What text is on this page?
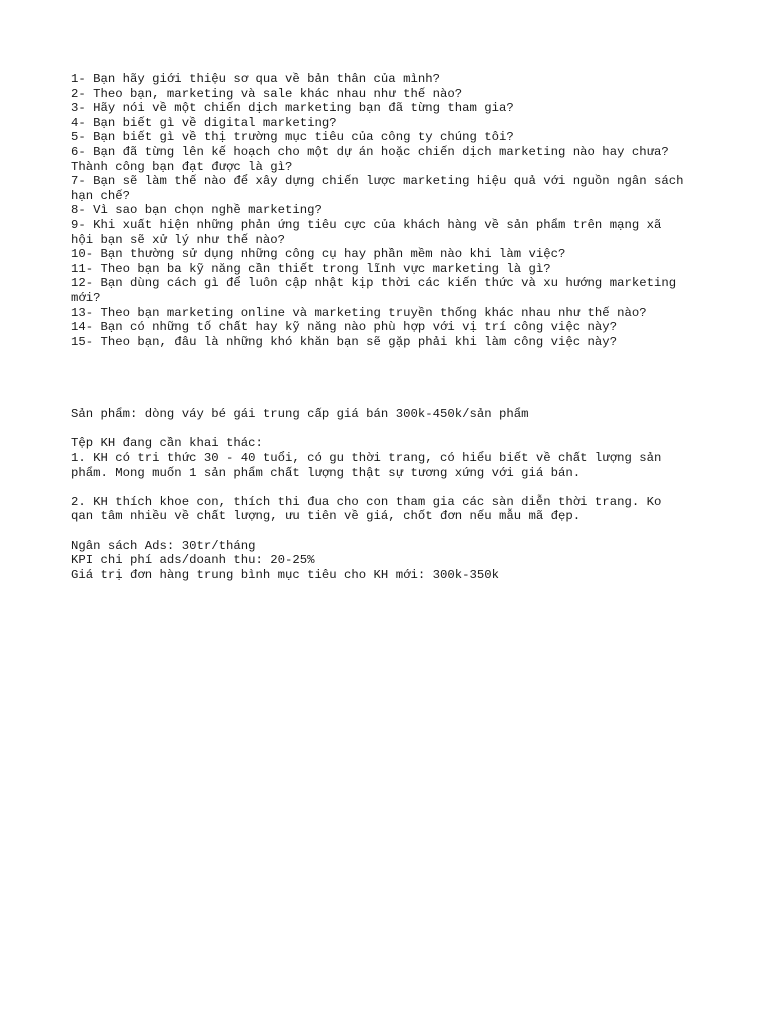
1- Bạn hãy giới thiệu sơ qua về bản thân của mình?

2- Theo bạn, marketing và sale khác nhau như thế nào?

3- Hãy nói về một chiến dịch marketing bạn đã từng tham gia?

4- Bạn biết gì về digital marketing?

5- Bạn biết gì về thị trường mục tiêu của công ty chúng tôi?

6- Bạn đã từng lên kế hoạch cho một dự án hoặc chiến dịch marketing nào hay chưa?

Thành công bạn đạt được là gì?

7- Bạn sẽ làm thế nào để xây dựng chiến lược marketing hiệu quả với nguồn ngân sách

hạn chế?

8- Vì sao bạn chọn nghề marketing?

9- Khi xuất hiện những phản ứng tiêu cực của khách hàng về sản phẩm trên mạng xã

hội bạn sẽ xử lý như thế nào?

10- Bạn thường sử dụng những công cụ hay phần mềm nào khi làm việc?

11- Theo bạn ba kỹ năng cần thiết trong lĩnh vực marketing là gì?

12- Bạn dùng cách gì để luôn cập nhật kịp thời các kiến thức và xu hướng marketing

mới?

13- Theo bạn marketing online và marketing truyền thống khác nhau như thế nào?

14- Bạn có những tố chất hay kỹ năng nào phù hợp với vị trí công việc này?

15- Theo bạn, đâu là những khó khăn bạn sẽ gặp phải khi làm công việc này?

Sản phẩm: dòng váy bé gái trung cấp giá bán 300k-450k/sản phẩm

Tệp KH đang cần khai thác:

1. KH có tri thức 30 - 40 tuổi, có gu thời trang, có hiểu biết về chất lượng sản

phẩm. Mong muốn 1 sản phẩm chất lượng thật sự tương xứng với giá bán.

2. KH thích khoe con, thích thi đua cho con tham gia các sàn diễn thời trang. Ko

qan tâm nhiều về chất lượng, ưu tiên về giá, chốt đơn nếu mẫu mã đẹp.

Ngân sách Ads: 30tr/tháng

KPI chi phí ads/doanh thu: 20-25%

Giá trị đơn hàng trung bình mục tiêu cho KH mới: 300k-350k
